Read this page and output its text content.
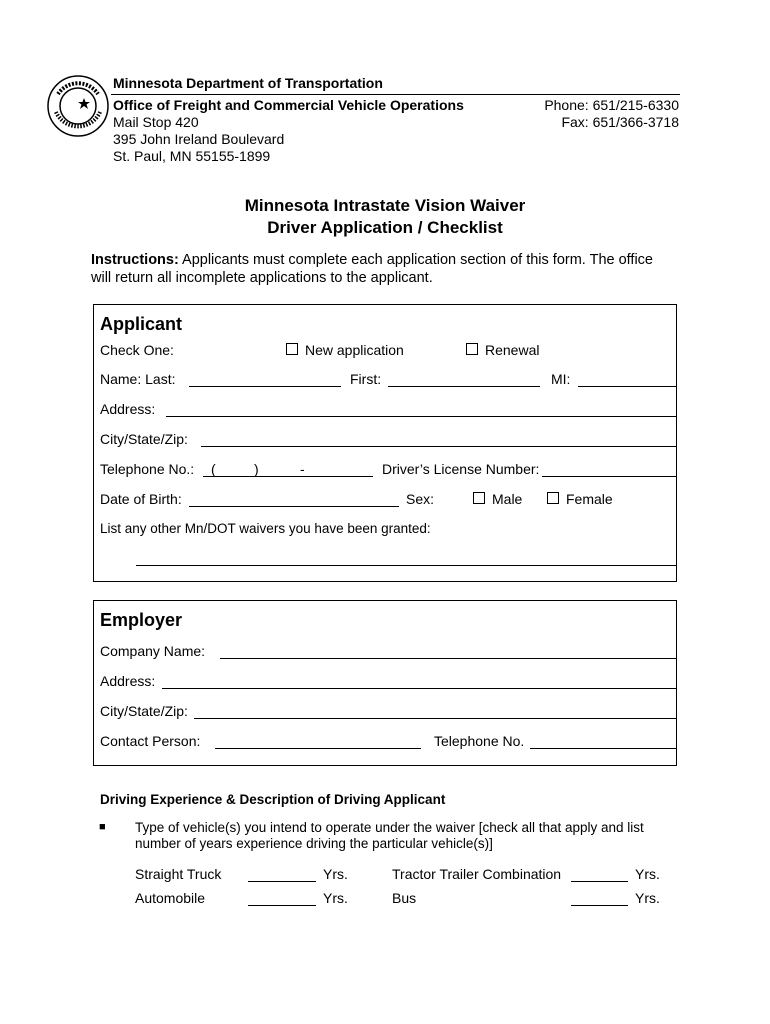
Minnesota Department of Transportation
Office of Freight and Commercial Vehicle Operations
Mail Stop 420
395 John Ireland Boulevard
St. Paul, MN 55155-1899
Phone: 651/215-6330
Fax: 651/366-3718
Minnesota Intrastate Vision Waiver
Driver Application / Checklist
Instructions: Applicants must complete each application section of this form. The office
will return all incomplete applications to the applicant.
Applicant
Check One:	New application	Renewal
Name: Last:	First:	MI:
Address:
City/State/Zip:
Telephone No.: (	)	-	Driver’s License Number:
Date of Birth:	Sex:	Male	Female
List any other Mn/DOT waivers you have been granted:
Employer
Company Name:
Address:
City/State/Zip:
Contact Person:	Telephone No.
Driving Experience & Description of Driving Applicant
■ Type of vehicle(s) you intend to operate under the waiver [check all that apply and list
number of years experience driving the particular vehicle(s)]
Straight Truck	Yrs.	Tractor Trailer Combination	Yrs.
Automobile	Yrs.	Bus	Yrs.
